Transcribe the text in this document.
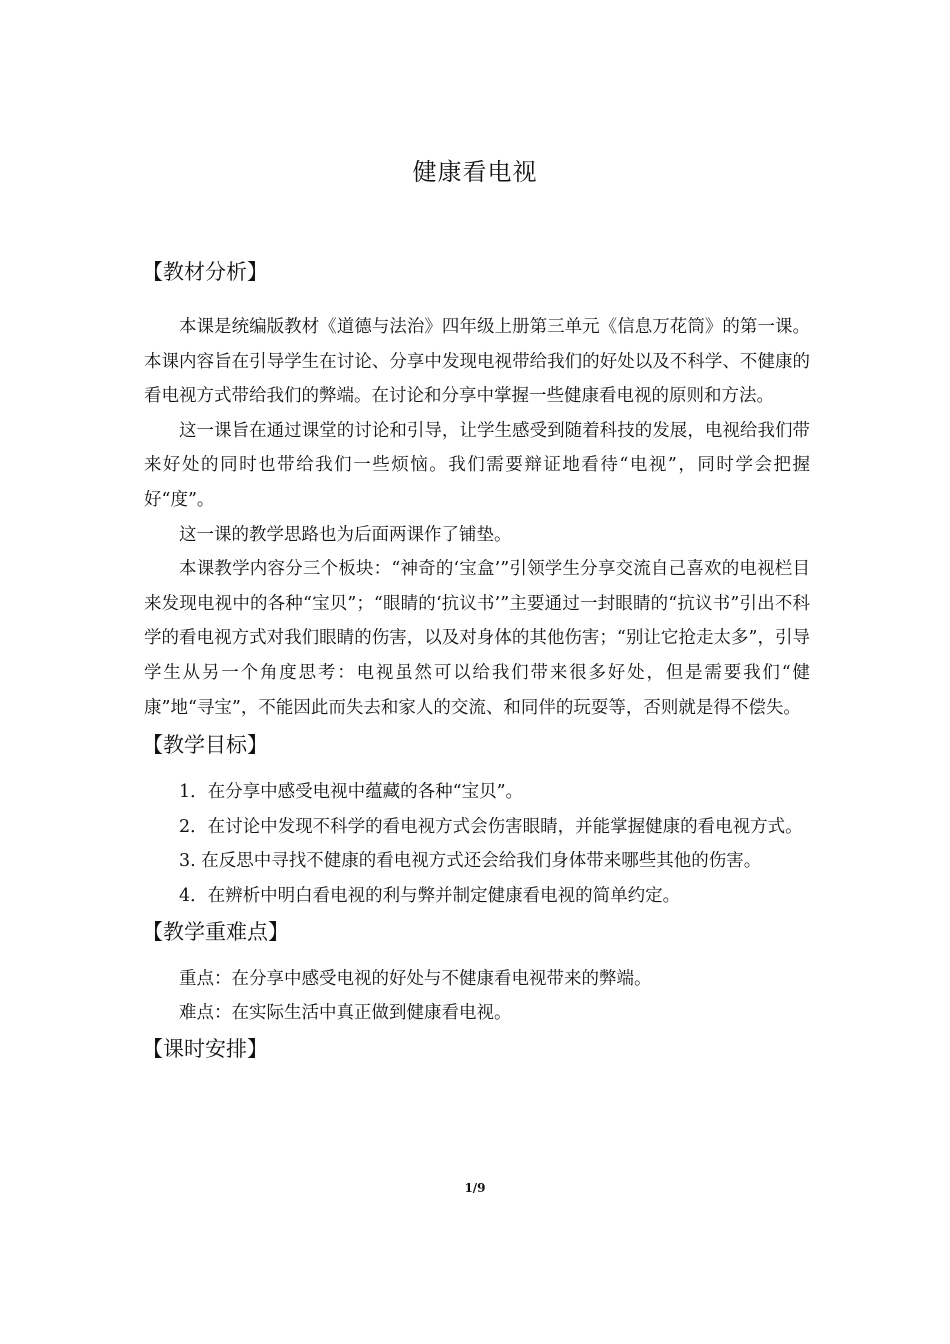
健康看电视
【教材分析】

本课是统编版教材《道德与法治》四年级上册第三单元《信息万花筒》的第一课。本课内容旨在引导学生在讨论、分享中发现电视带给我们的好处以及不科学、不健康的看电视方式带给我们的弊端。在讨论和分享中掌握一些健康看电视的原则和方法。

这一课旨在通过课堂的讨论和引导，让学生感受到随着科技的发展，电视给我们带来好处的同时也带给我们一些烦恼。我们需要辩证地看待“电视”，同时学会把握好“度”。

这一课的教学思路也为后面两课作了铺垫。

本课教学内容分三个板块：“神奇的‘宝盒’”引领学生分享交流自己喜欢的电视栏目来发现电视中的各种“宝贝”；“眼睛的‘抗议书’”主要通过一封眼睛的“抗议书”引出不科学的看电视方式对我们眼睛的伤害，以及对身体的其他伤害；“别让它抢走太多”，引导学生从另一个角度思考：电视虽然可以给我们带来很多好处，但是需要我们“健康”地“寻宝”，不能因此而失去和家人的交流、和同伴的玩耍等，否则就是得不偿失。

【教学目标】

1．在分享中感受电视中蕴藏的各种“宝贝”。

2．在讨论中发现不科学的看电视方式会伤害眼睛，并能掌握健康的看电视方式。

3. 在反思中寻找不健康的看电视方式还会给我们身体带来哪些其他的伤害。

4．在辨析中明白看电视的利与弊并制定健康看电视的简单约定。

【教学重难点】

重点：在分享中感受电视的好处与不健康看电视带来的弊端。

难点：在实际生活中真正做到健康看电视。

【课时安排】
1/9
